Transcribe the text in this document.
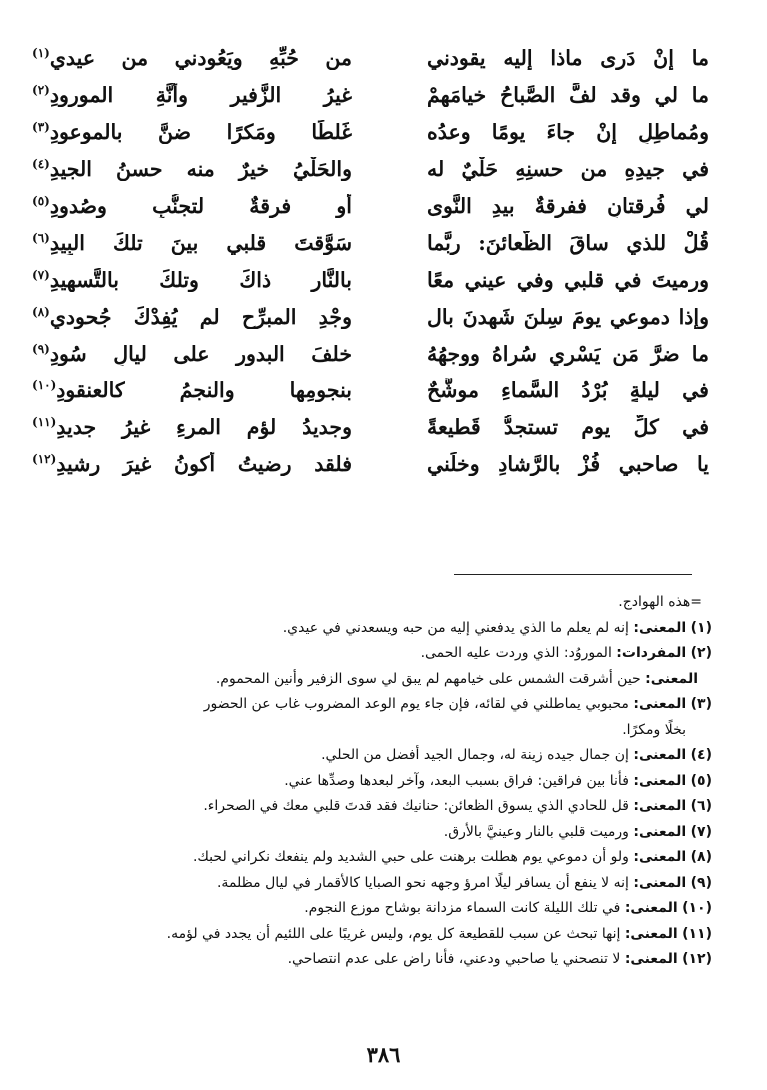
ما إنْ دَرى ماذا إليه يقودني
من حُبِّهِ ويَعُودني من عيدي$^{(١)}$
ما لي وقد لفَّ الصَّباحُ خيامَهمْ
غيرُ الزَّفيرِ وأنَّةِ الموروِدِ$^{(٢)}$
ومُماطِلٍ إنْ جاءَ يومًا وعدُه
غَلطًا ومَكرًا ضنَّ بالموعودِ$^{(٣)}$
في جيدِهِ من حسنِهِ حَلْيٌ له
والحَلْيُ خيرٌ منه حسنُ الجيدِ$^{(٤)}$
لي فُرقتانِ ففرقةٌ بيدِ النَّوى
أو فرقةٌ لتجنُّبٍ وصُدودِ$^{(٥)}$
قُلْ للذي ساقَ الظَّعائنَ: ربَّما
سَوَّقتَ قلبي بينَ تلكَ البِيدِ$^{(٦)}$
ورميتَ في قلبي وفي عيني معًا
بالنَّارِ ذاكَ وتلكَ بالتَّسهيدِ$^{(٧)}$
وإذا دموعي يومَ سِلنَ شَهِدنَ بال
وجْدِ المبرِّحِ لم يُفِدْكَ جُحودي$^{(٨)}$
ما ضرَّ مَن يَسْري سُراهُ ووجهُهُ
خلفَ البدورِ على ليالٍ سُودِ$^{(٩)}$
في ليلةٍ بُرْدُ السَّماءِ موشَّحٌ
بنجومِها والنجمُ كالعنقودِ$^{(١٠)}$
في كلِّ يومٍ تستجدُّ قَطيعةً
وجديدُ لؤمِ المرءِ غيرُ جديدِ$^{(١١)}$
يا صاحبي فُزْ بالرَّشادِ وخلِّني
فلقد رضيتُ أكونُ غيرَ رشيدِ$^{(١٢)}$

=هذه الهوادج.

(١) المعنى: إنه لم يعلم ما الذي يدفعني إليه من حبه ويسعدني في عيدي.

(٢) المفردات: الموروُد: الذي وردت عليه الحمى.

المعنى: حين أشرقت الشمس على خيامهم لم يبق لي سوى الزفير وأنين المحموم.

(٣) المعنى: محبوبي يماطلني في لقائه، فإن جاء يوم الوعد المضروب غاب عن الحضور

بخلًا ومكرًا.

(٤) المعنى: إن جمال جيده زينة له، وجمال الجيد أفضل من الحلي.

(٥) المعنى: فأنا بين فراقين: فراق بسبب البعد، وآخر لبعدها وصدِّها عني.

(٦) المعنى: قل للحادي الذي يسوق الظعائن: حنانيك فقد قدتَ قلبي معك في الصحراء.

(٧) المعنى: ورميت قلبي بالنار وعينيَّ بالأرق.

(٨) المعنى: ولو أن دموعي يوم هطلت برهنت على حبي الشديد ولم ينفعك نكراني لحبك.

(٩) المعنى: إنه لا ينفع أن يسافر ليلًا امرؤ وجهه نحو الصبايا كالأقمار في ليال مظلمة.

(١٠) المعنى: في تلك الليلة كانت السماء مزدانة بوشاح موزع النجوم.

(١١) المعنى: إنها تبحث عن سبب للقطيعة كل يوم، وليس غريبًا على اللئيم أن يجدد في لؤمه.

(١٢) المعنى: لا تنصحني يا صاحبي ودعني، فأنا راض على عدم انتصاحي.

٣٨٦
